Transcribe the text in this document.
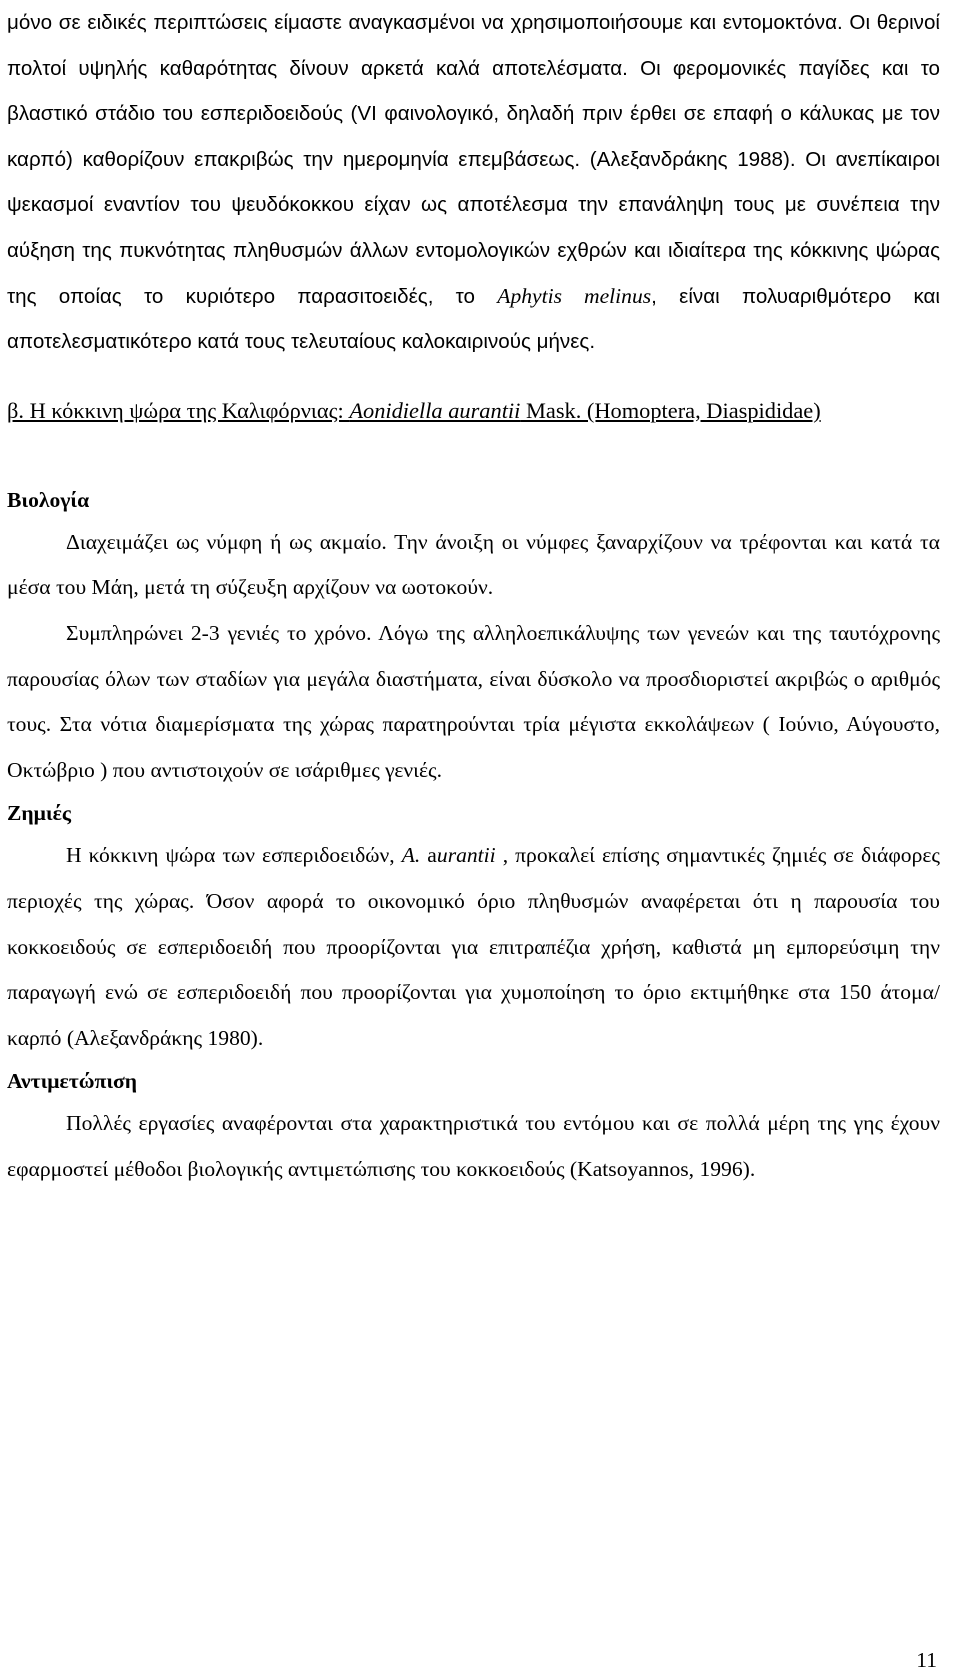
μόνο σε ειδικές περιπτώσεις είμαστε αναγκασμένοι να χρησιμοποιήσουμε και εντομοκτόνα. Οι θερινοί πολτοί υψηλής καθαρότητας δίνουν αρκετά καλά αποτελέσματα. Οι φερομονικές παγίδες και το βλαστικό στάδιο του εσπεριδοειδούς (VI φαινολογικό, δηλαδή πριν έρθει σε επαφή ο κάλυκας με τον καρπό) καθορίζουν επακριβώς την ημερομηνία επεμβάσεως. (Αλεξανδράκης 1988). Οι ανεπίκαιροι ψεκασμοί εναντίον του ψευδόκοκκου είχαν ως αποτέλεσμα την επανάληψη τους με συνέπεια την αύξηση της πυκνότητας πληθυσμών άλλων εντομολογικών εχθρών και ιδιαίτερα της κόκκινης ψώρας της οποίας το κυριότερο παρασιτοειδές, το Aphytis melinus, είναι πολυαριθμότερο και αποτελεσματικότερο κατά τους τελευταίους καλοκαιρινούς μήνες.

β. Η κόκκινη ψώρα της Καλιφόρνιας: Aonidiella aurantii Mask. (Homoptera, Diaspididae)

Βιολογία

Διαχειμάζει ως νύμφη ή ως ακμαίο. Την άνοιξη οι νύμφες ξαναρχίζουν να τρέφονται και κατά τα μέσα του Μάη, μετά τη σύζευξη αρχίζουν να ωοτοκούν.

Συμπληρώνει 2-3 γενιές το χρόνο. Λόγω της αλληλοεπικάλυψης των γενεών και της ταυτόχρονης παρουσίας όλων των σταδίων για μεγάλα διαστήματα, είναι δύσκολο να προσδιοριστεί ακριβώς ο αριθμός τους. Στα νότια διαμερίσματα της χώρας παρατηρούνται τρία μέγιστα εκκολάψεων ( Ιούνιο, Αύγουστο, Οκτώβριο ) που αντιστοιχούν σε ισάριθμες γενιές.

Ζημιές

Η κόκκινη ψώρα των εσπεριδοειδών, A. aurantii , προκαλεί επίσης σημαντικές ζημιές σε διάφορες περιοχές της χώρας. Όσον αφορά το οικονομικό όριο πληθυσμών αναφέρεται ότι η παρουσία του κοκκοειδούς σε εσπεριδοειδή που προορίζονται για επιτραπέζια χρήση, καθιστά μη εμπορεύσιμη την παραγωγή ενώ σε εσπεριδοειδή που προορίζονται για χυμοποίηση το όριο εκτιμήθηκε στα 150 άτομα/καρπό (Αλεξανδράκης 1980).

Αντιμετώπιση

Πολλές εργασίες αναφέρονται στα χαρακτηριστικά του εντόμου και σε πολλά μέρη της γης έχουν εφαρμοστεί μέθοδοι βιολογικής αντιμετώπισης του κοκκοειδούς (Katsoyannos, 1996).

11
